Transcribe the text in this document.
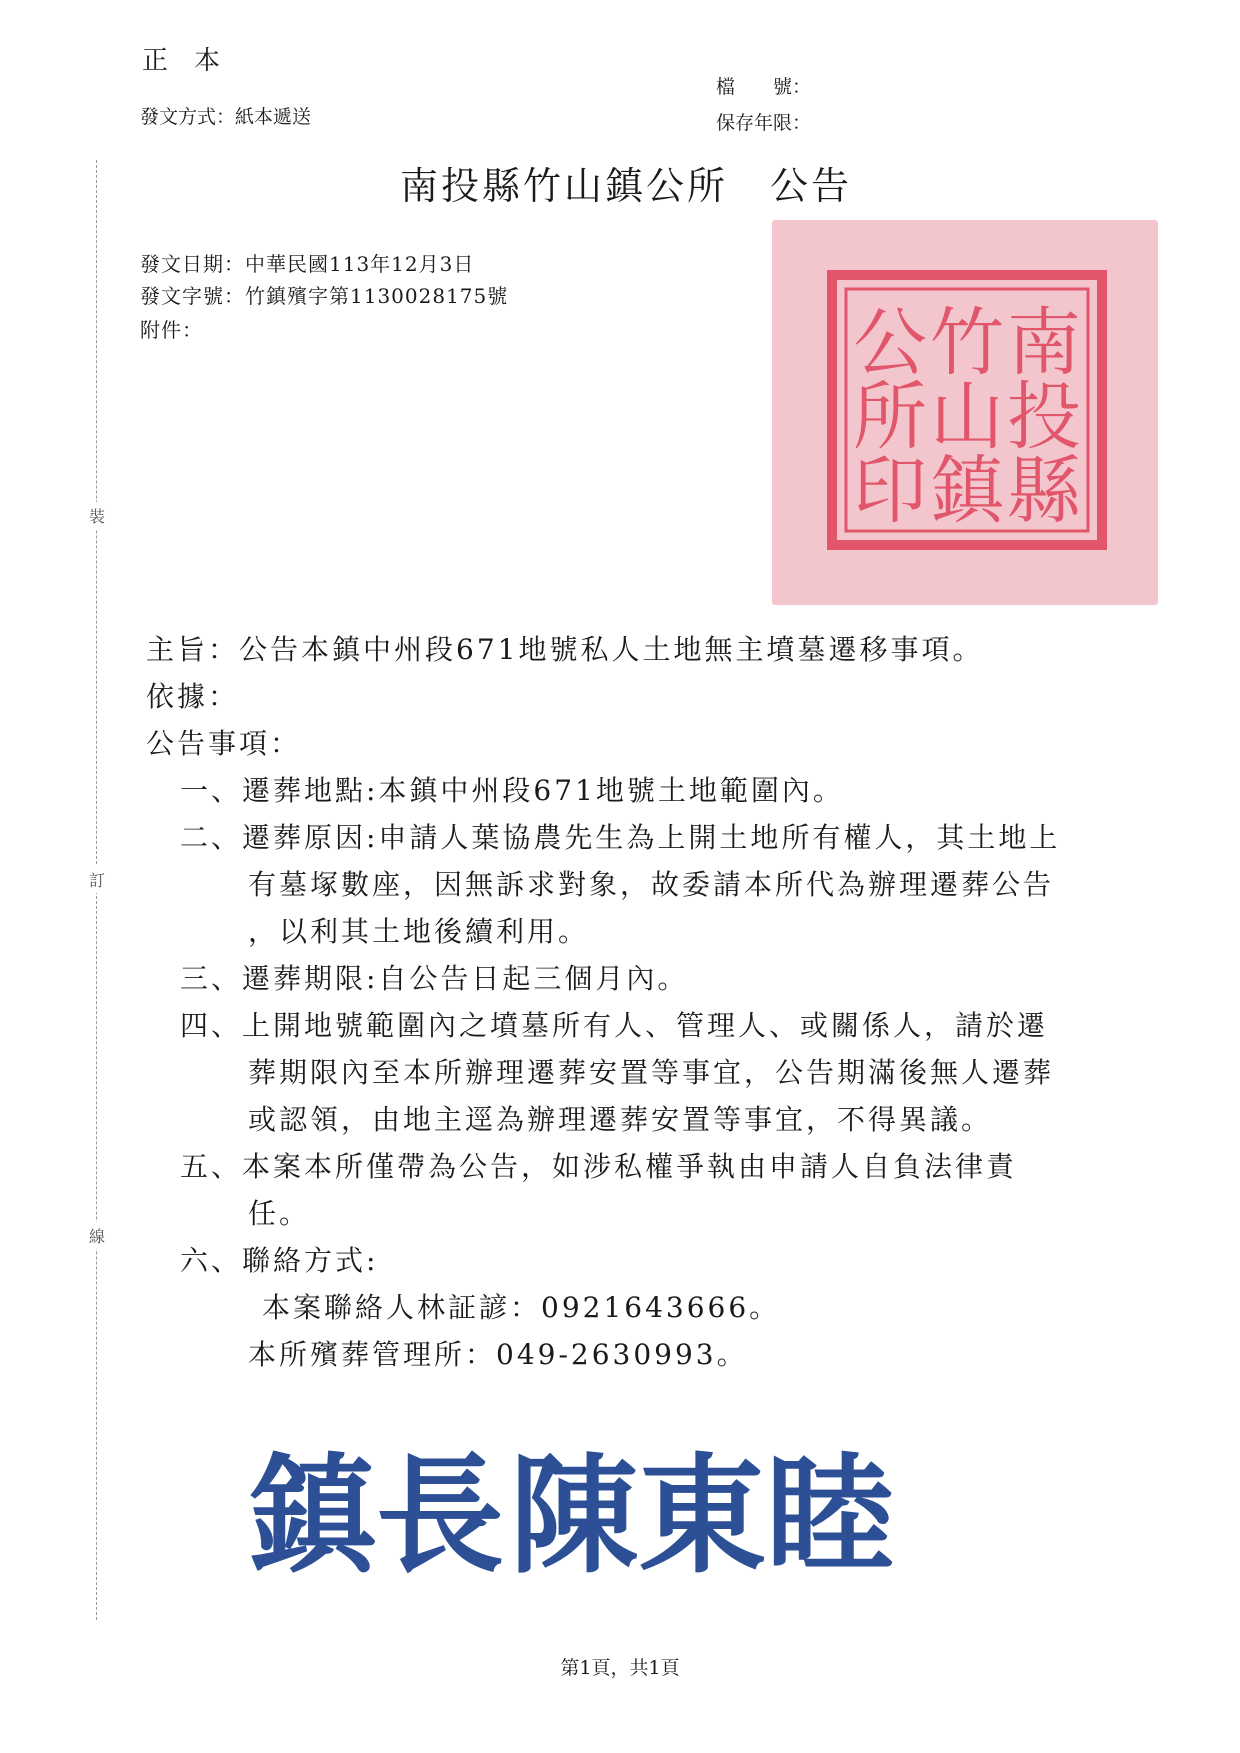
正　本
發文方式：紙本遞送
檔　　號：
保存年限：
裝
訂
線
南投縣竹山鎮公所 公告
發文日期：中華民國113年12月3日
發文字號：竹鎮殯字第1130028175號
附件：	南
投
縣
竹
山
鎮
公
所
印
主旨：公告本鎮中州段671地號私人土地無主墳墓遷移事項。
依據：
公告事項：
一、遷葬地點:本鎮中州段671地號土地範圍內。
二、遷葬原因:申請人葉協農先生為上開土地所有權人，其土地上
有墓塚數座，因無訴求對象，故委請本所代為辦理遷葬公告
，以利其土地後續利用。
三、遷葬期限:自公告日起三個月內。
四、上開地號範圍內之墳墓所有人、管理人、或關係人，請於遷
葬期限內至本所辦理遷葬安置等事宜，公告期滿後無人遷葬
或認領，由地主逕為辦理遷葬安置等事宜，不得異議。
五、本案本所僅帶為公告，如涉私權爭執由申請人自負法律責
任。
六、聯絡方式:
本案聯絡人林証諺：0921643666。
本所殯葬管理所：049-2630993。
鎮 長 陳 東 睦
第1頁，共1頁
